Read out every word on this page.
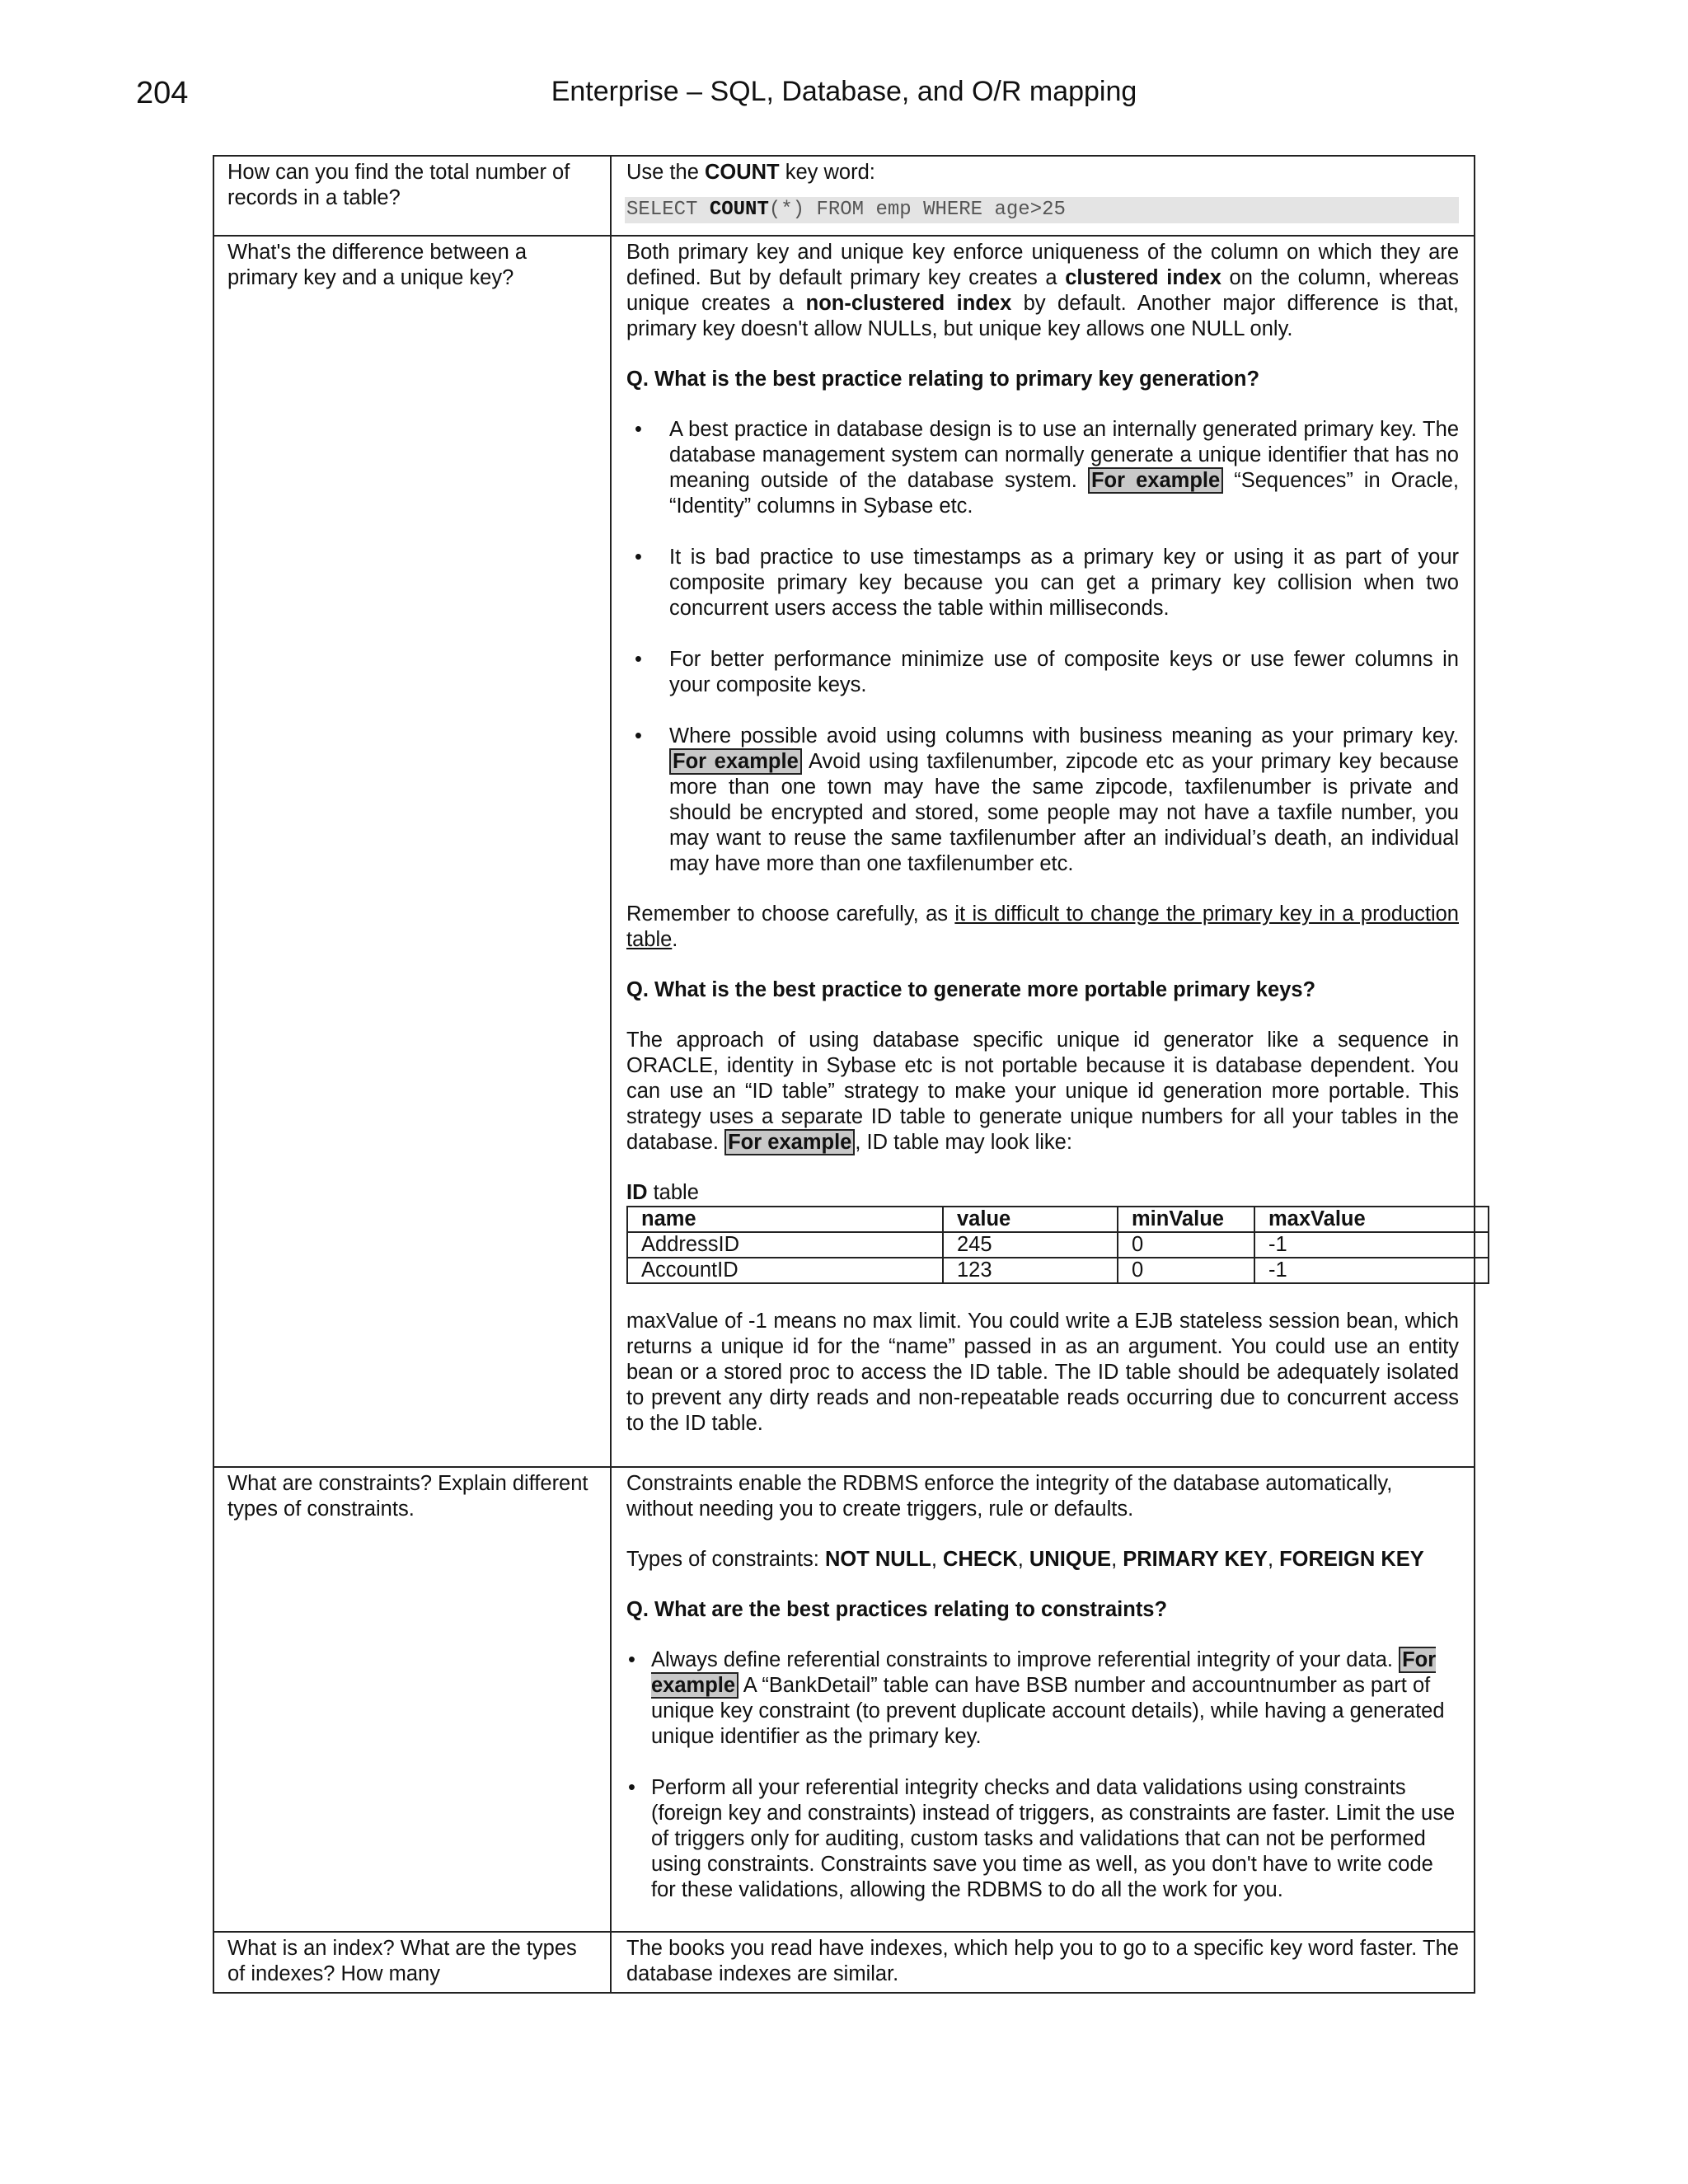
204	Enterprise – SQL, Database, and O/R mapping
How can you find the total number of records in a table?	

Use the COUNT key word:

SELECT COUNT(*) FROM emp WHERE age>25

What's the difference between a primary key and a unique key?	

Both primary key and unique key enforce uniqueness of the column on which they are defined. But by default primary key creates a clustered index on the column, whereas unique creates a non-clustered index by default. Another major difference is that, primary key doesn't allow NULLs, but unique key allows one NULL only.

Q. What is the best practice relating to primary key generation?

• A best practice in database design is to use an internally generated primary key. The database management system can normally generate a unique identifier that has no meaning outside of the database system. For example “Sequences” in Oracle, “Identity” columns in Sybase etc.
• It is bad practice to use timestamps as a primary key or using it as part of your composite primary key because you can get a primary key collision when two concurrent users access the table within milliseconds.
• For better performance minimize use of composite keys or use fewer columns in your composite keys.
• Where possible avoid using columns with business meaning as your primary key. For example Avoid using taxfilenumber, zipcode etc as your primary key because more than one town may have the same zipcode, taxfilenumber is private and should be encrypted and stored, some people may not have a taxfile number, you may want to reuse the same taxfilenumber after an individual’s death, an individual may have more than one taxfilenumber etc.

Remember to choose carefully, as it is difficult to change the primary key in a production table.

Q. What is the best practice to generate more portable primary keys?

The approach of using database specific unique id generator like a sequence in ORACLE, identity in Sybase etc is not portable because it is database dependent. You can use an “ID table” strategy to make your unique id generation more portable. This strategy uses a separate ID table to generate unique numbers for all your tables in the database. For example , ID table may look like:

ID table
name	value	minValue	maxValue
AddressID	245	0	-1
AccountID	123	0	-1

maxValue of -1 means no max limit. You could write a EJB stateless session bean, which returns a unique id for the “name” passed in as an argument. You could use an entity bean or a stored proc to access the ID table. The ID table should be adequately isolated to prevent any dirty reads and non-repeatable reads occurring due to concurrent access to the ID table.

What are constraints? Explain different types of constraints.	

Constraints enable the RDBMS enforce the integrity of the database automatically, without needing you to create triggers, rule or defaults.

Types of constraints: NOT NULL, CHECK, UNIQUE, PRIMARY KEY, FOREIGN KEY

Q. What are the best practices relating to constraints?

• Always define referential constraints to improve referential integrity of your data. For example A “BankDetail” table can have BSB number and accountnumber as part of unique key constraint (to prevent duplicate account details), while having a generated unique identifier as the primary key.
• Perform all your referential integrity checks and data validations using constraints (foreign key and constraints) instead of triggers, as constraints are faster. Limit the use of triggers only for auditing, custom tasks and validations that can not be performed using constraints. Constraints save you time as well, as you don't have to write code for these validations, allowing the RDBMS to do all the work for you.

What is an index? What are the types of indexes? How many	

The books you read have indexes, which help you to go to a specific key word faster. The database indexes are similar.
